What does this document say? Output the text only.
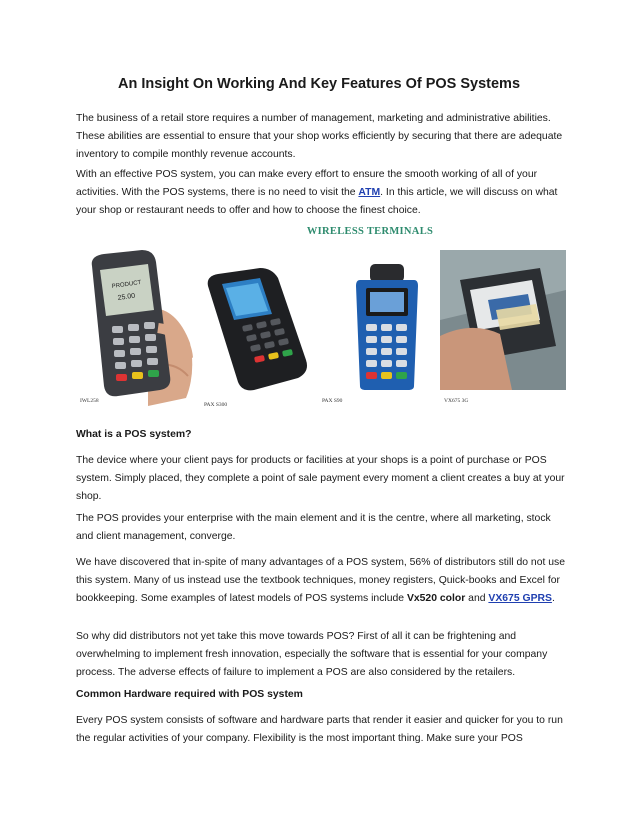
An Insight On Working And Key Features Of POS Systems

The business of a retail store requires a number of management, marketing and administrative abilities. These abilities are essential to ensure that your shop works efficiently by securing that there are adequate inventory to compile monthly revenue accounts.

With an effective POS system, you can make every effort to ensure the smooth working of all of your activities. With the POS systems, there is no need to visit the ATM. In this article, we will discuss on what your shop or restaurant needs to offer and how to choose the finest choice.

WIRELESS TERMINALS
PRODUCT
25.00
IWL258
PAX S300
PAX S90	VX675 3G

What is a POS system?

The device where your client pays for products or facilities at your shops is a point of purchase or POS system. Simply placed, they complete a point of sale payment every moment a client creates a buy at your shop.

The POS provides your enterprise with the main element and it is the centre, where all marketing, stock and client management, converge.

We have discovered that in-spite of many advantages of a POS system, 56% of distributors still do not use this system. Many of us instead use the textbook techniques, money registers, Quick-books and Excel for bookkeeping. Some examples of latest models of POS systems include Vx520 color and VX675 GPRS.

So why did distributors not yet take this move towards POS? First of all it can be frightening and overwhelming to implement fresh innovation, especially the software that is essential for your company process. The adverse effects of failure to implement a POS are also considered by the retailers.

Common Hardware required with POS system

Every POS system consists of software and hardware parts that render it easier and quicker for you to run the regular activities of your company. Flexibility is the most important thing. Make sure your POS
